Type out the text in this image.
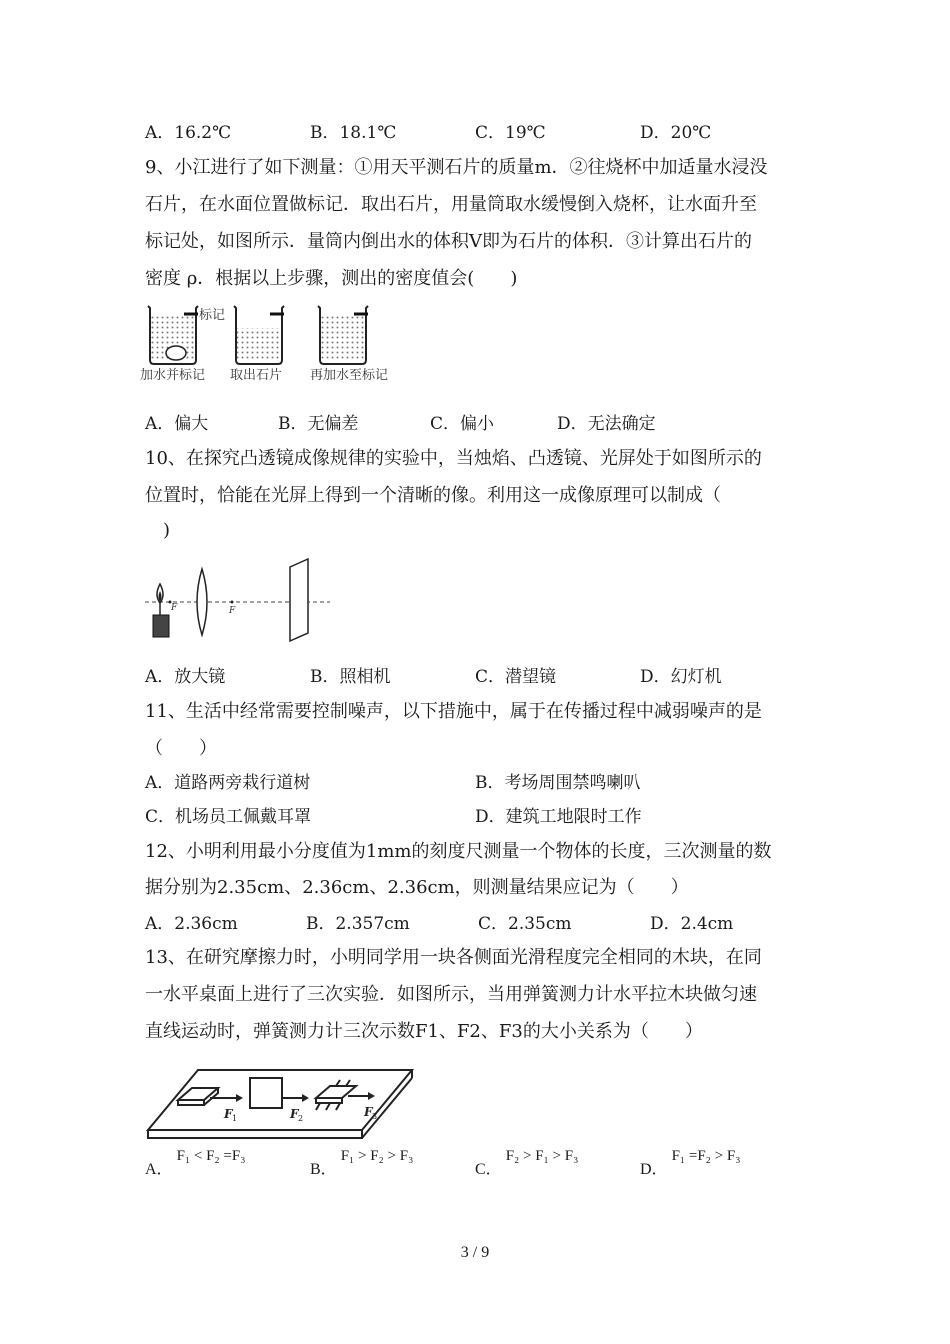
A．16.2℃	B．18.1℃	C．19℃	D．20℃
9、小江进行了如下测量：①用天平测石片的质量m．②往烧杯中加适量水浸没
石片，在水面位置做标记．取出石片，用量筒取水缓慢倒入烧杯，让水面升至
标记处，如图所示．量筒内倒出水的体积V即为石片的体积．③计算出石片的
密度 ρ．根据以上步骤，测出的密度值会(　　)
标记
加水并标记 取出石片 再加水至标记
A．偏大	B．无偏差	C．偏小	D．无法确定
10、在探究凸透镜成像规律的实验中，当烛焰、凸透镜、光屏处于如图所示的
位置时，恰能在光屏上得到一个清晰的像。利用这一成像原理可以制成（
　)
F	F
A．放大镜	B．照相机	C．潜望镜	D．幻灯机
11、生活中经常需要控制噪声，以下措施中，属于在传播过程中减弱噪声的是
（　　）
A．道路两旁栽行道树	B．考场周围禁鸣喇叭
C．机场员工佩戴耳罩	D．建筑工地限时工作
12、小明利用最小分度值为1mm的刻度尺测量一个物体的长度，三次测量的数
据分别为2.35cm、2.36cm、2.36cm，则测量结果应记为（　　）
A．2.36cm	B．2.357cm	C．2.35cm	D．2.4cm
13、在研究摩擦力时，小明同学用一块各侧面光滑程度完全相同的木块，在同
一水平桌面上进行了三次实验．如图所示，当用弹簧测力计水平拉木块做匀速
直线运动时，弹簧测力计三次示数F1、F2、F3的大小关系为（　　）
F 1	F 2	F 3
A． F₁ < F₂ =F₃
B． F₁ > F₂ > F₃
C． F₂ > F₁ > F₃
D． F₁ =F₂ > F₃
3 / 9
